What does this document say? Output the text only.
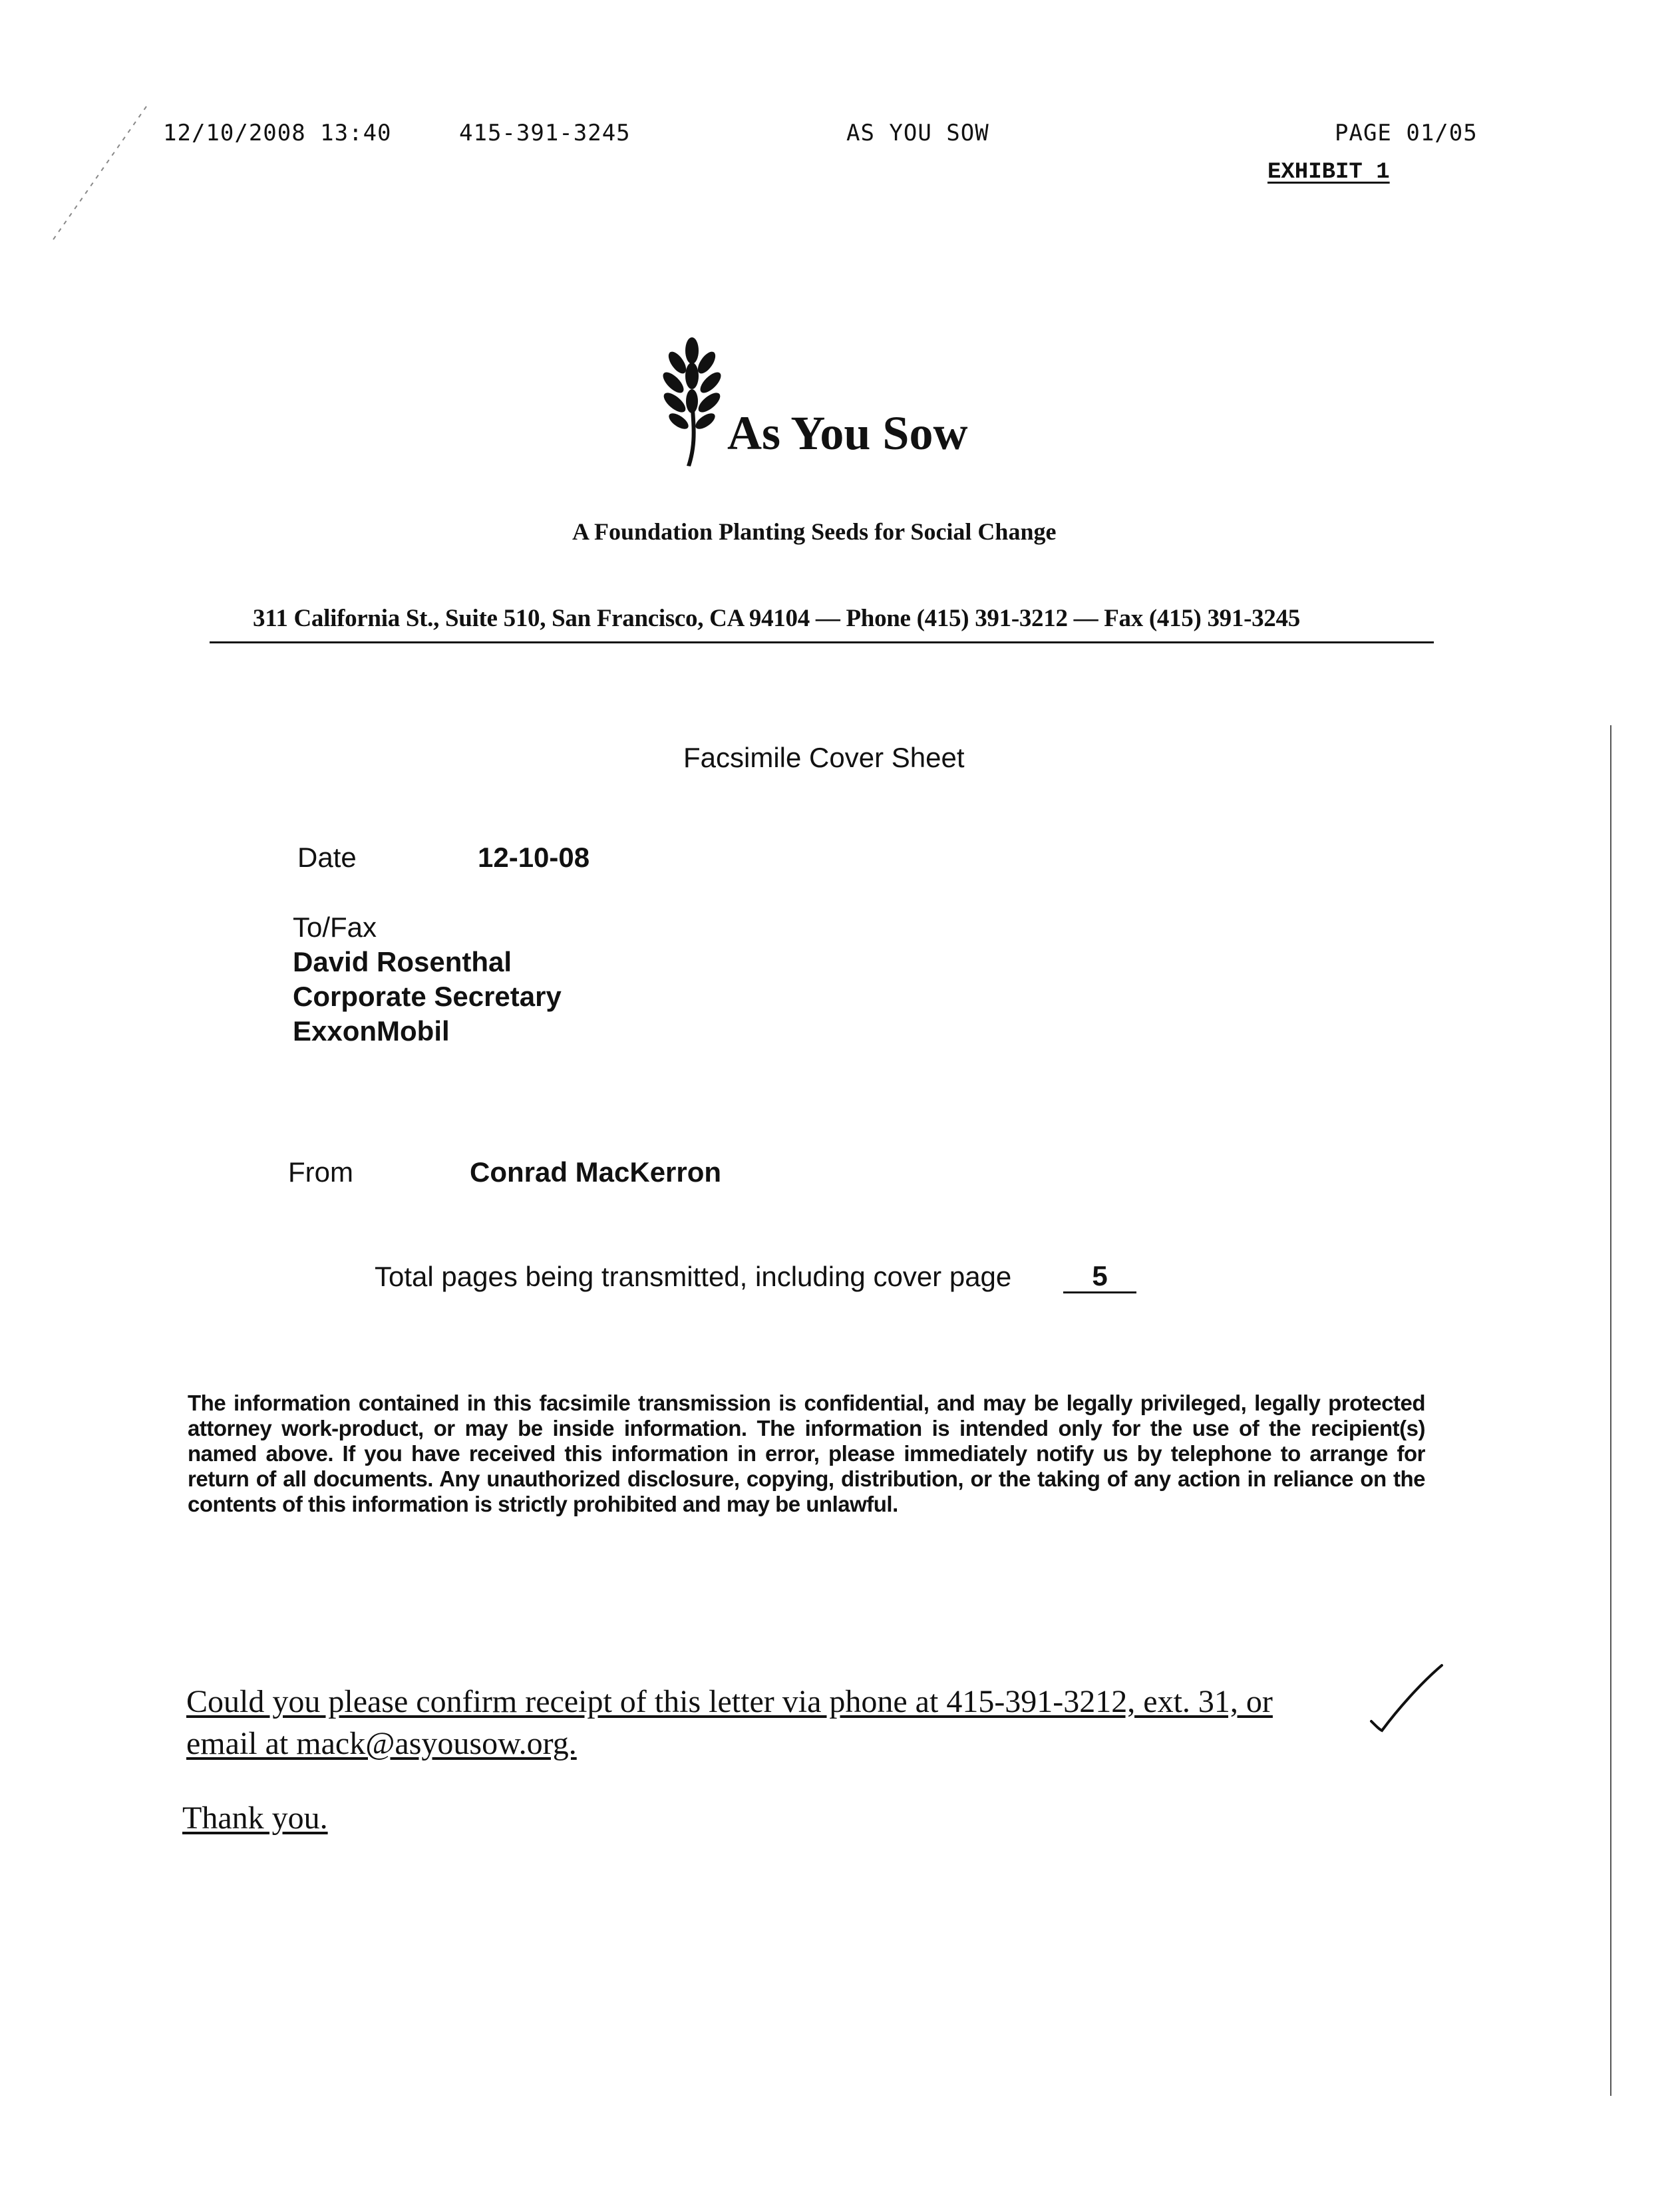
12/10/2008 13:40	415-391-3245	AS YOU SOW	PAGE 01/05
EXHIBIT 1
As You Sow
A Foundation Planting Seeds for Social Change
311 California St., Suite 510, San Francisco, CA 94104 — Phone (415) 391-3212 — Fax (415) 391-3245
Facsimile Cover Sheet
Date	12-10-08
To/Fax
David Rosenthal
Corporate Secretary
ExxonMobil
From	Conrad MacKerron
Total pages being transmitted, including cover page	5
The information contained in this facsimile transmission is confidential, and may be legally privileged, legally protected attorney work-product, or may be inside information. The information is intended only for the use of the recipient(s) named above. If you have received this information in error, please immediately notify us by telephone to arrange for return of all documents. Any unauthorized disclosure, copying, distribution, or the taking of any action in reliance on the contents of this information is strictly prohibited and may be unlawful.
Could you please confirm receipt of this letter via phone at 415-391-3212, ext. 31, or
email at mack@asyousow.org.
Thank you.
